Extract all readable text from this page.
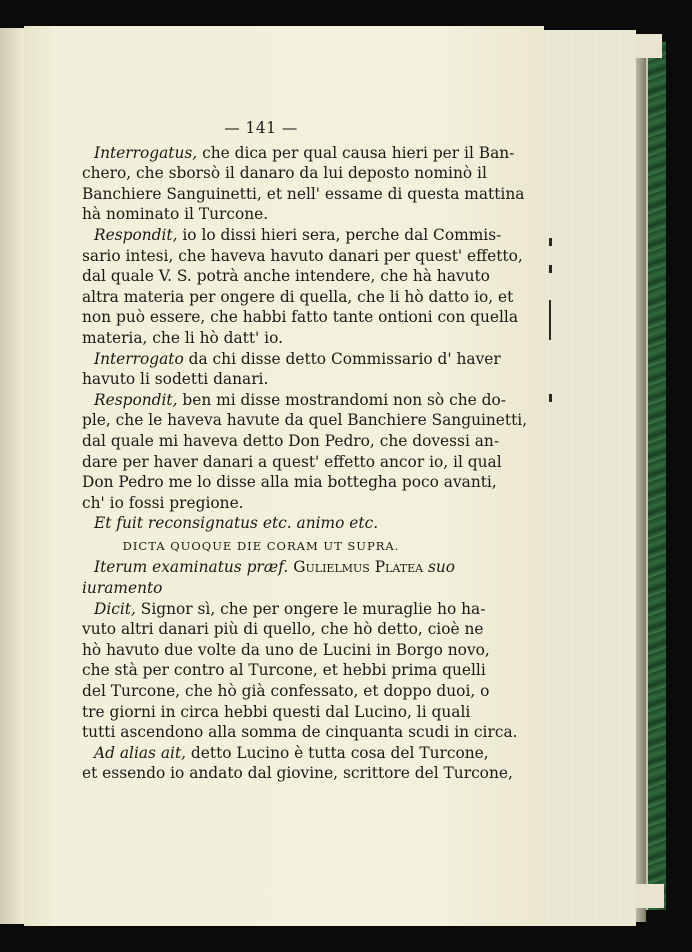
— 141 —
Interrogatus, che dica per qual causa hieri per il Ban-
chero, che sborsò il danaro da lui deposto nominò il
Banchiere Sanguinetti, et nell' essame di questa mattina
hà nominato il Turcone.
Respondit, io lo dissi hieri sera, perche dal Commis-
sario intesi, che haveva havuto danari per quest' effetto,
dal quale V. S. potrà anche intendere, che hà havuto
altra materia per ongere di quella, che li hò datto io, et
non può essere, che habbi fatto tante ontioni con quella
materia, che li hò datt' io.
Interrogato da chi disse detto Commissario d' haver
havuto li sodetti danari.
Respondit, ben mi disse mostrandomi non sò che do-
ple, che le haveva havute da quel Banchiere Sanguinetti,
dal quale mi haveva detto Don Pedro, che dovessi an-
dare per haver danari a quest' effetto ancor io, il qual
Don Pedro me lo disse alla mia bottegha poco avanti,
ch' io fossi pregione.
Et fuit reconsignatus etc. animo etc.
DICTA QUOQUE DIE CORAM UT SUPRA.
Iterum examinatus præf. Gulielmus Platea suo
iuramento
Dicit, Signor sì, che per ongere le muraglie ho ha-
vuto altri danari più di quello, che hò detto, cioè ne
hò havuto due volte da uno de Lucini in Borgo novo,
che stà per contro al Turcone, et hebbi prima quelli
del Turcone, che hò già confessato, et doppo duoi, o
tre giorni in circa hebbi questi dal Lucino, li quali
tutti ascendono alla somma de cinquanta scudi in circa.
Ad alias ait, detto Lucino è tutta cosa del Turcone,
et essendo io andato dal giovine, scrittore del Turcone,
